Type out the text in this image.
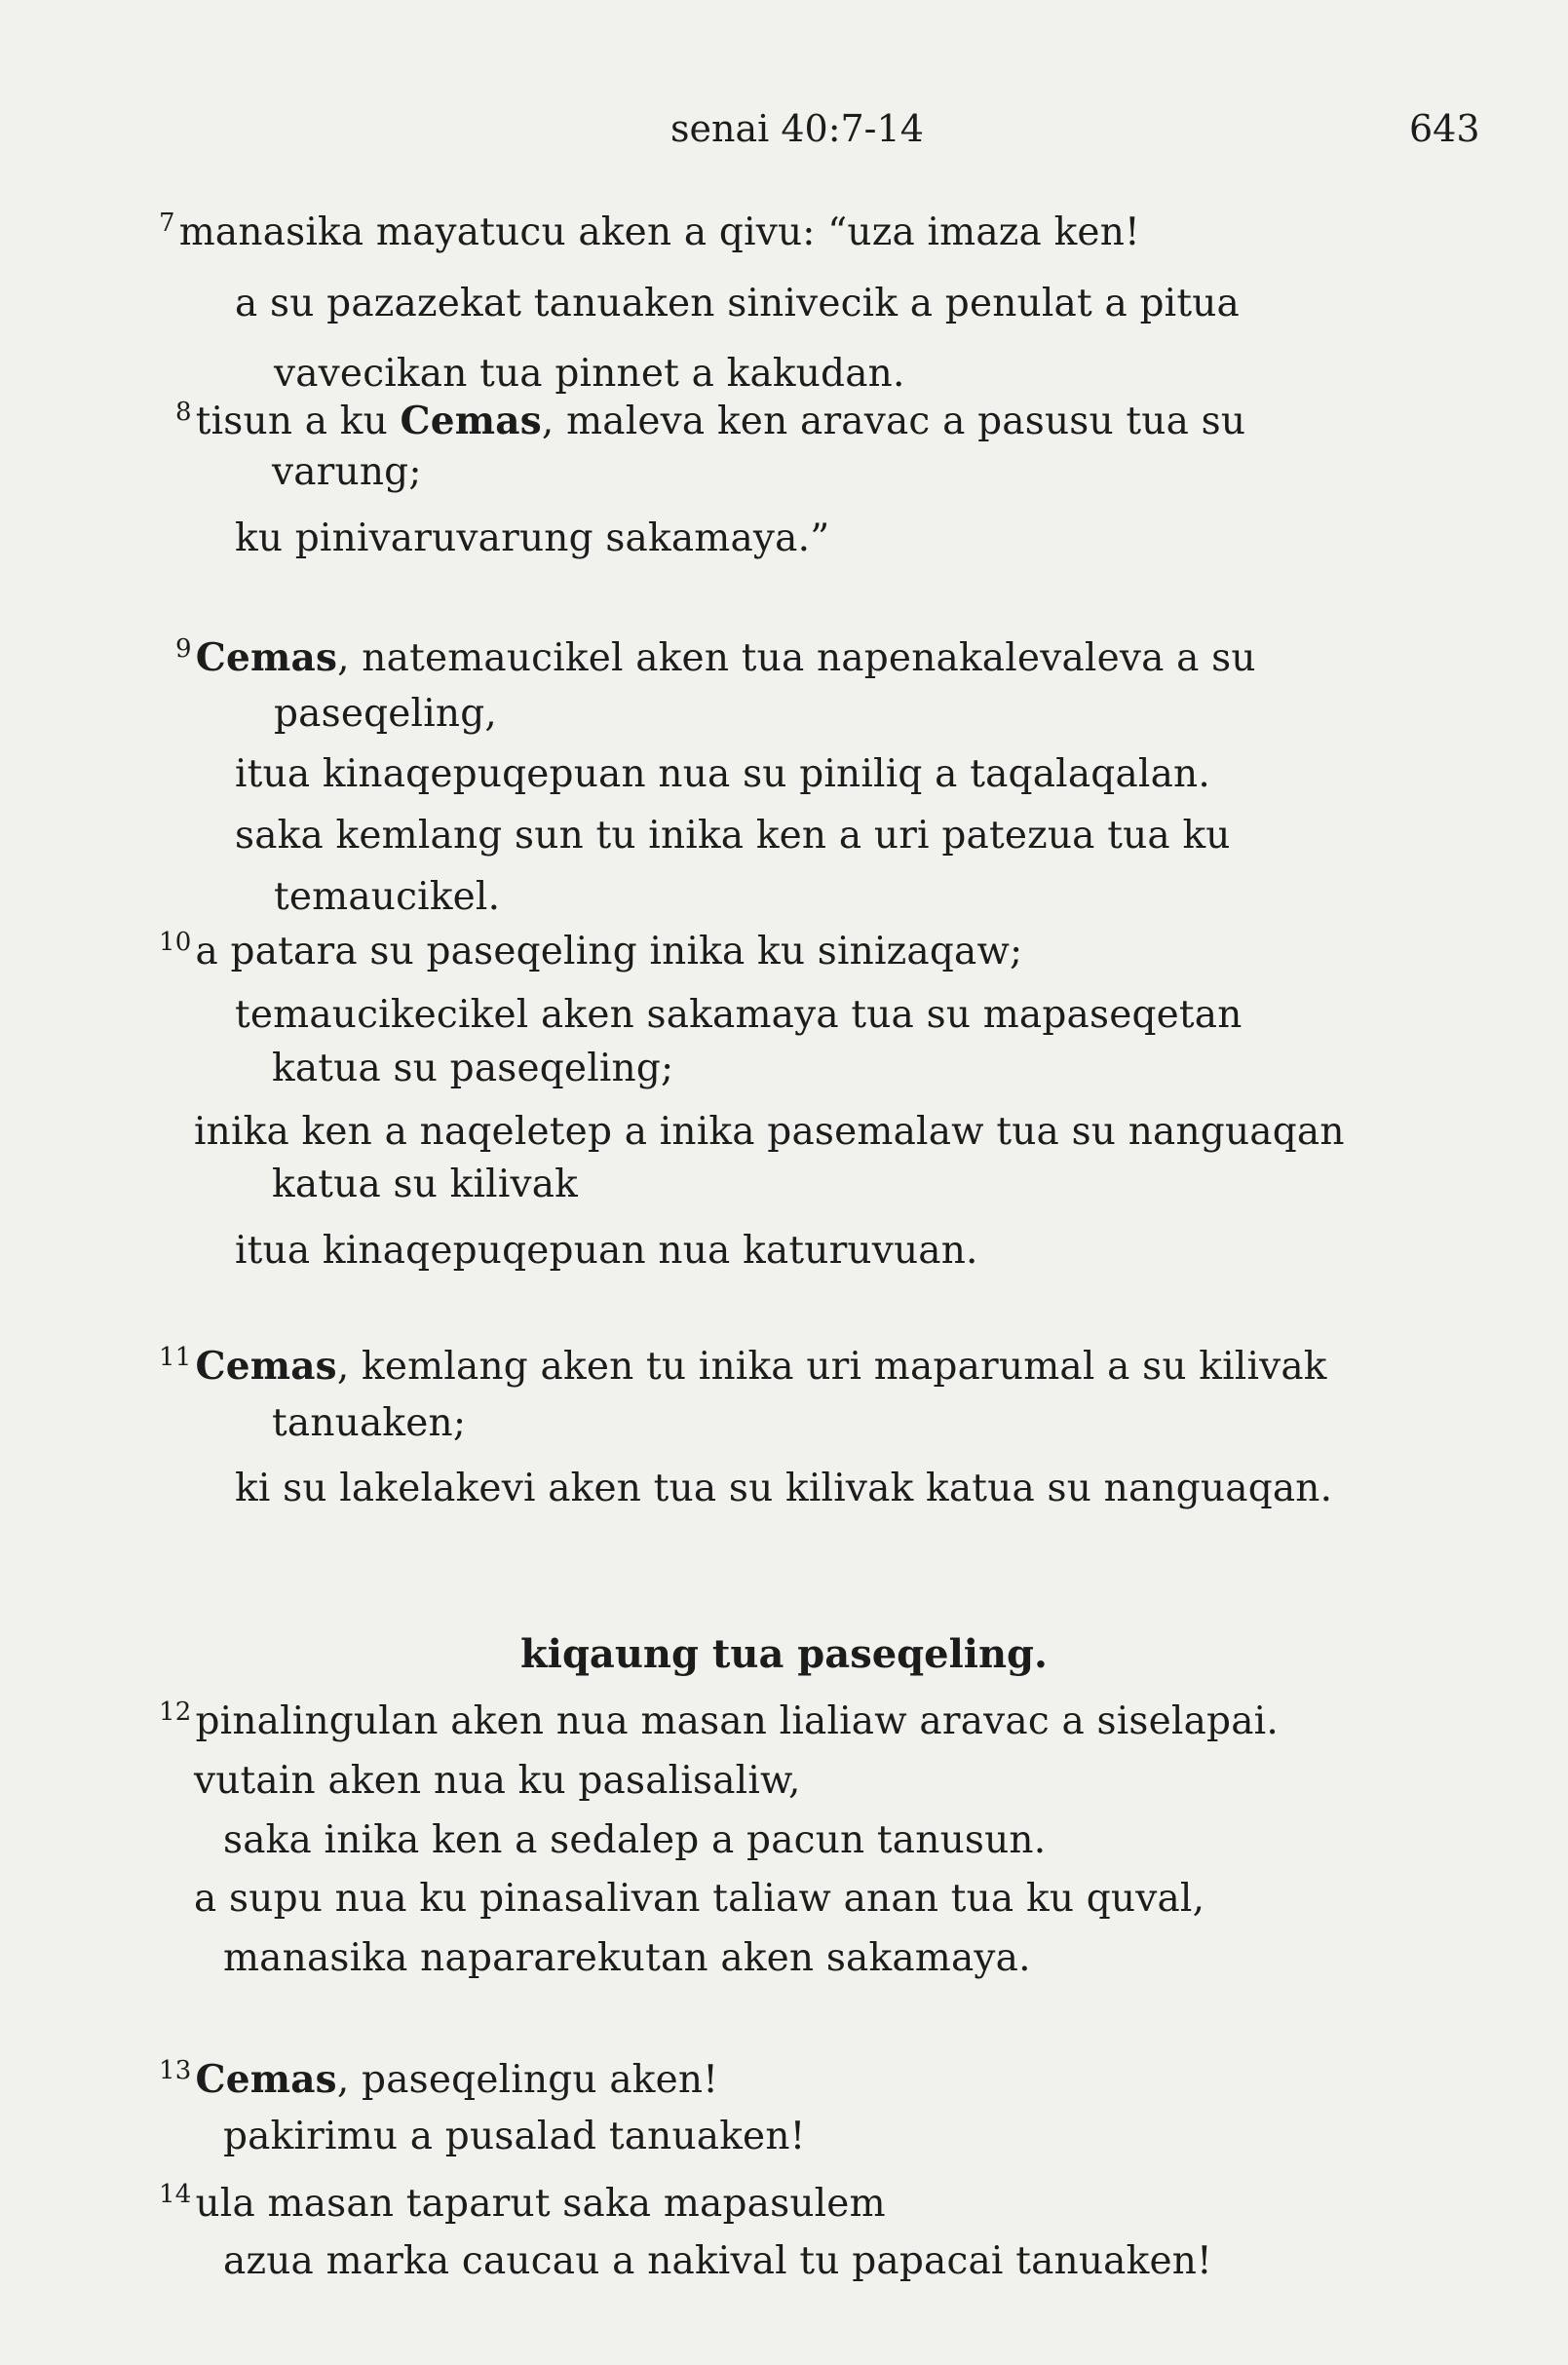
senai 40:7-14	643
$^7$ manasika mayatucu aken a qivu: “uza imaza ken!
a su pazazekat tanuaken sinivecik a penulat a pitua
vavecikan tua pinnet a kakudan.
$^8$ tisun a ku Cemas, maleva ken aravac a pasusu tua su
varung;
ku pinivaruvarung sakamaya.”
$^9$ Cemas, natemaucikel aken tua napenakalevaleva a su
paseqeling,
itua kinaqepuqepuan nua su piniliq a taqalaqalan.
saka kemlang sun tu inika ken a uri patezua tua ku
temaucikel.
$^{10}$ a patara su paseqeling inika ku sinizaqaw;
temaucikecikel aken sakamaya tua su mapaseqetan
katua su paseqeling;
inika ken a naqeletep a inika pasemalaw tua su nanguaqan
katua su kilivak
itua kinaqepuqepuan nua katuruvuan.
$^{11}$ Cemas, kemlang aken tu inika uri maparumal a su kilivak
tanuaken;
ki su lakelakevi aken tua su kilivak katua su nanguaqan.
kiqaung tua paseqeling.
$^{12}$ pinalingulan aken nua masan lialiaw aravac a siselapai.
vutain aken nua ku pasalisaliw,
saka inika ken a sedalep a pacun tanusun.
a supu nua ku pinasalivan taliaw anan tua ku quval,
manasika napararekutan aken sakamaya.
$^{13}$ Cemas, paseqelingu aken!
pakirimu a pusalad tanuaken!
$^{14}$ ula masan taparut saka mapasulem
azua marka caucau a nakival tu papacai tanuaken!
